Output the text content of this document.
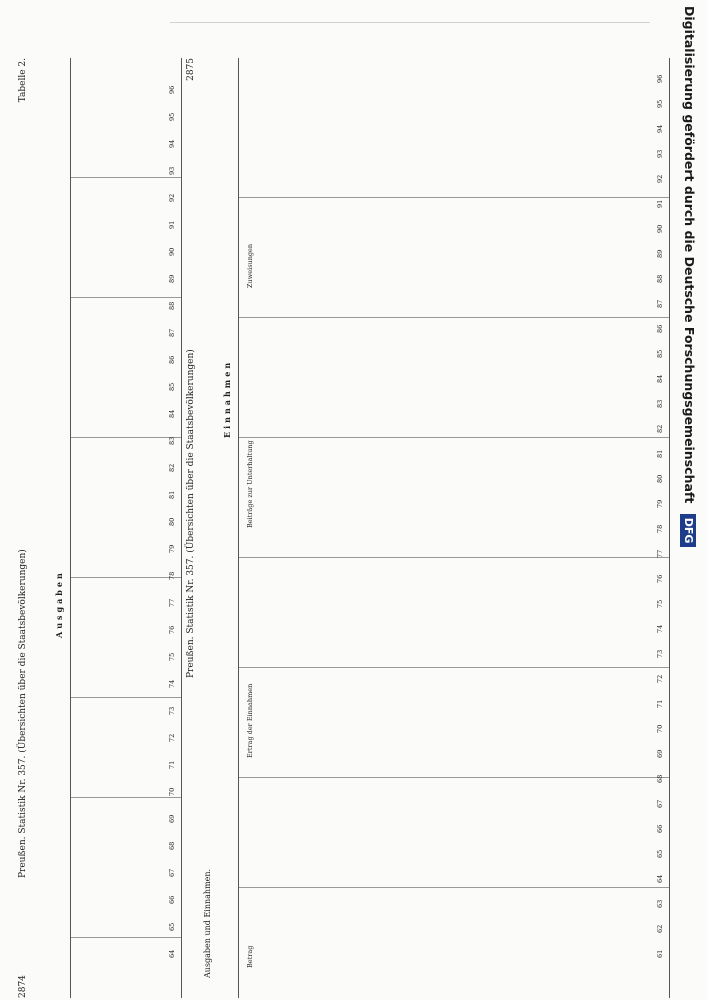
2874
Preußen. Statistik Nr. 357. (Übersichten über die Staatsbevölkerungen)
Tabelle 2.
Ausgaben
64
65
66
67
68
69
70
71
72
73
74
75
76
77
78
79
80
81
82
83
84
85
86
87
88
89
90
91
92
93
94
95
96
Preußen. Statistik Nr. 357. (Übersichten über die Staatsbevölkerungen)
2875
Ausgaben und Einnahmen.
Einnahmen
Betrag
Ertrag der Einnahmen
Beiträge zur Unterhaltung
Zuweisungen
61
62
63
64
65
66
67
68
69
70
71
72
73
74
75
76
77
78
79
80
81
82
83
84
85
86
87
88
89
90
91
92
93
94
95
96	Digitalisierung gefördert durch die Deutsche Forschungsgemeinschaft DFG
